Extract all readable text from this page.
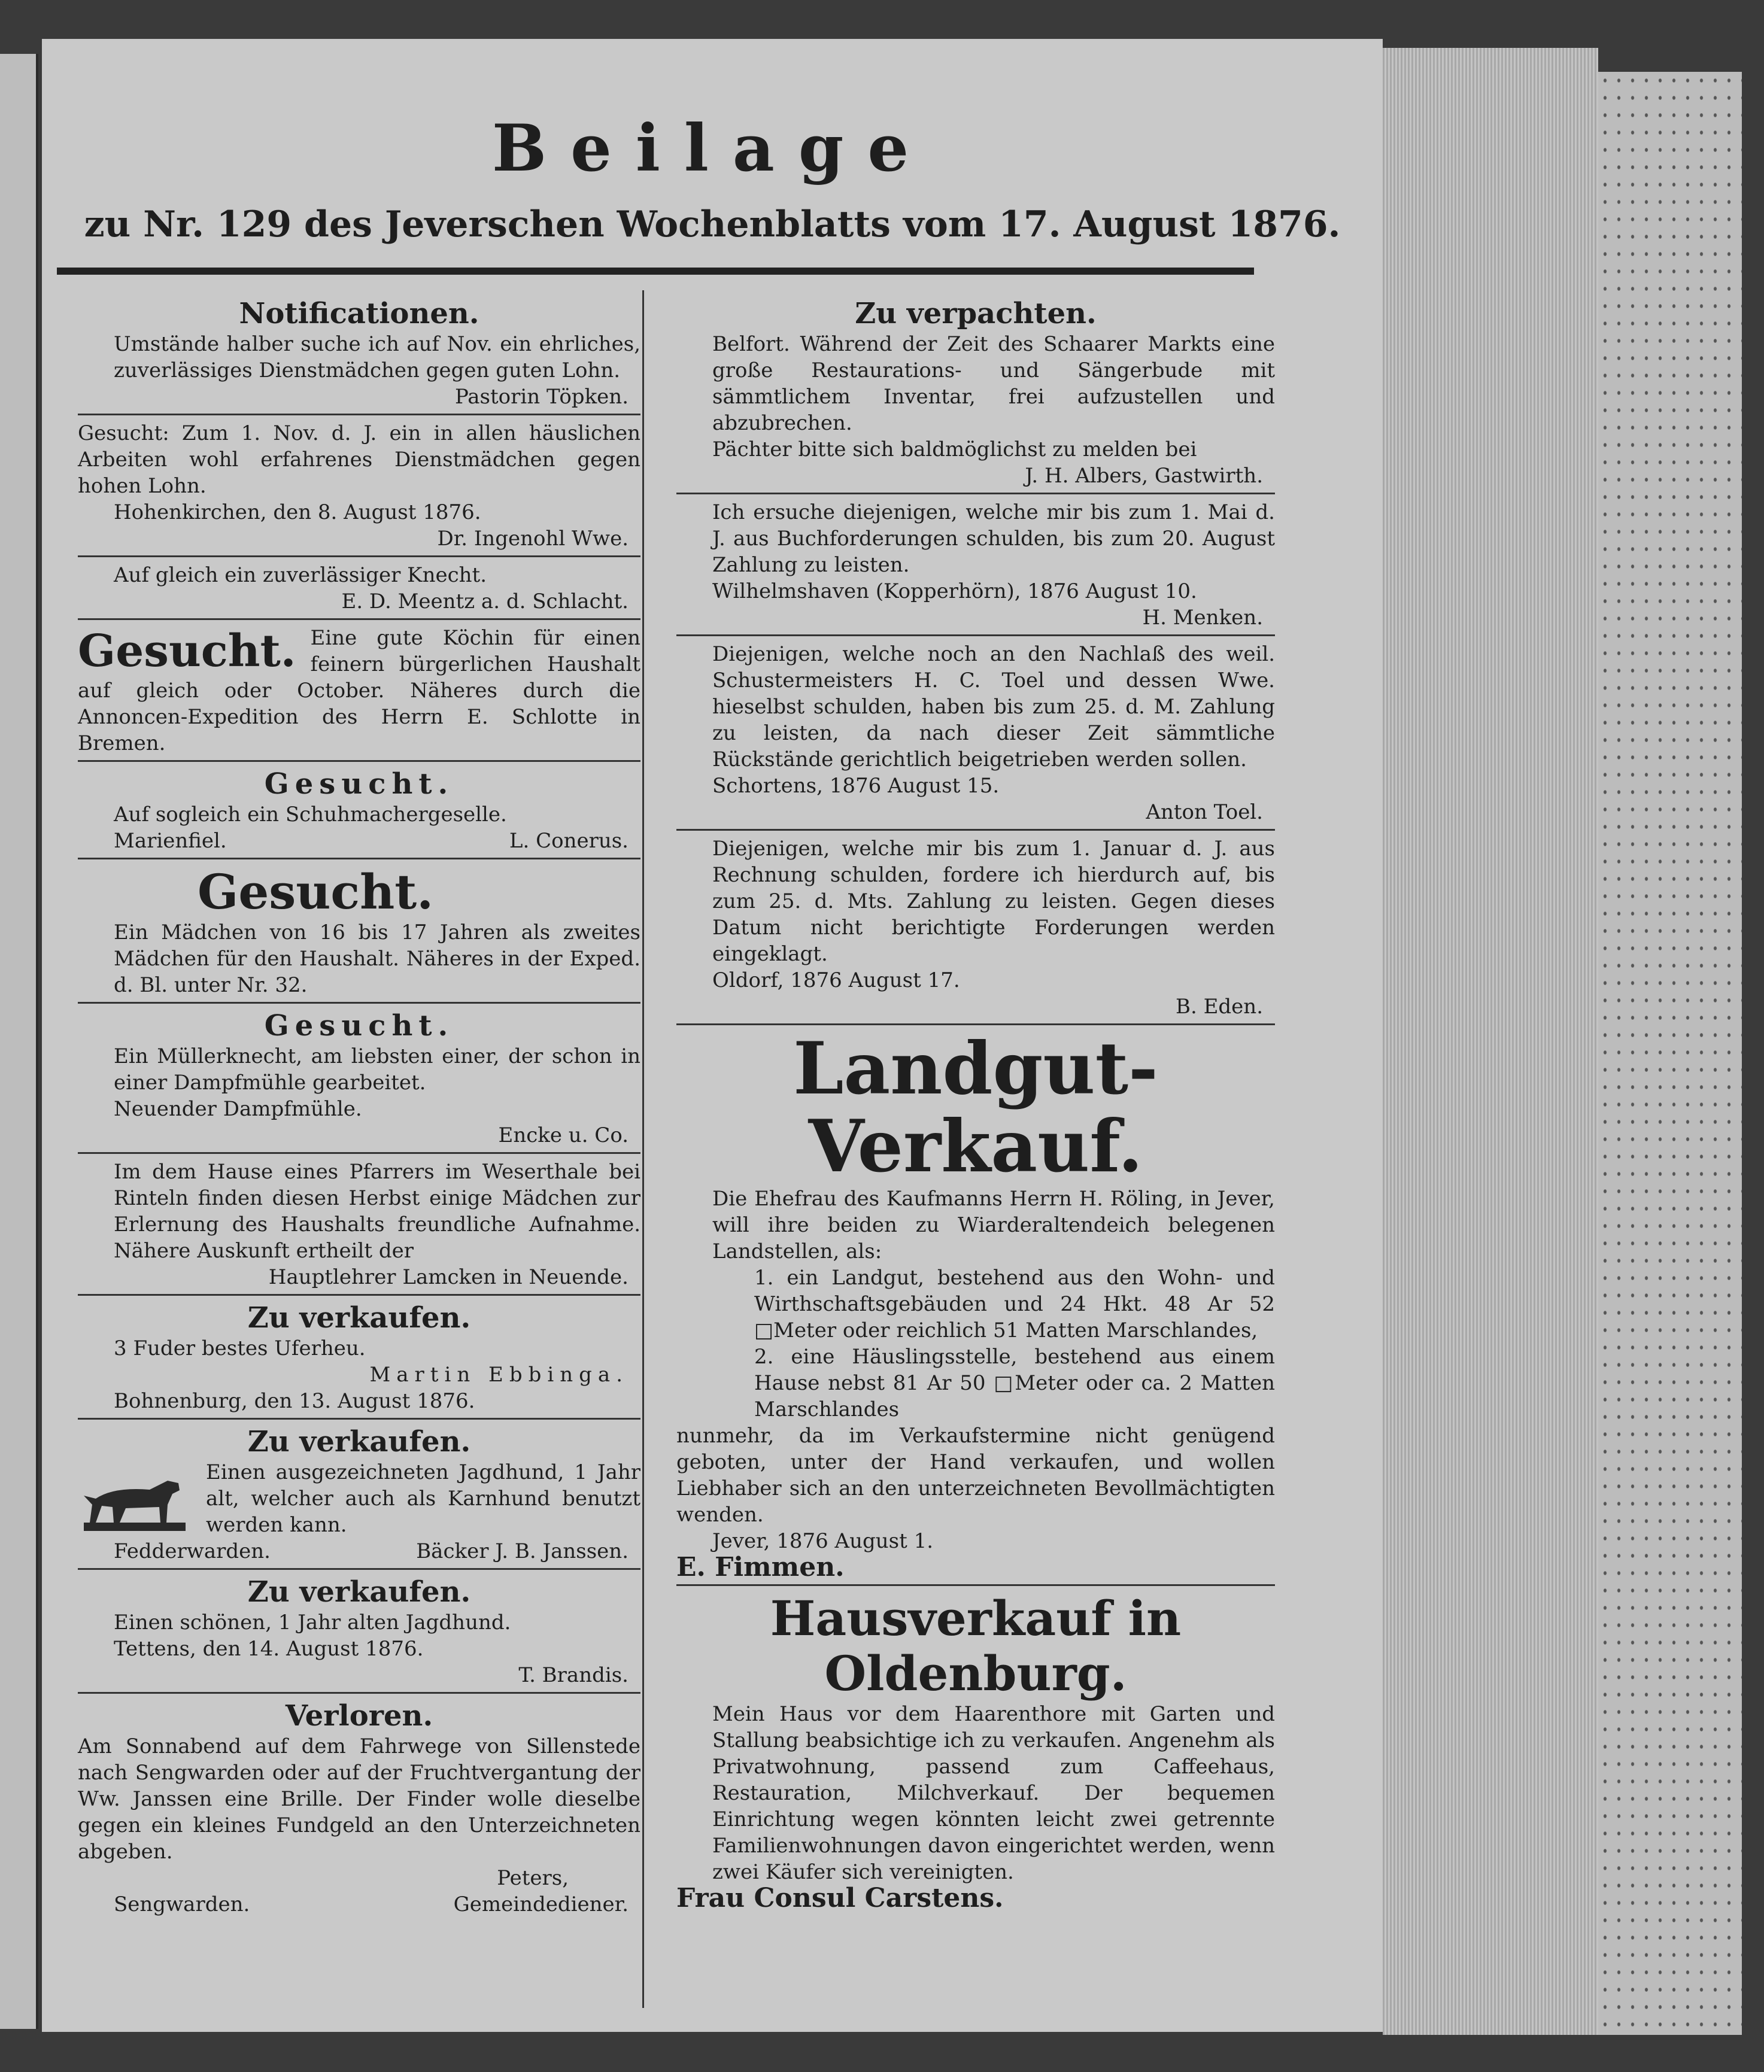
Beilage
zu Nr. 129 des Jeverschen Wochenblatts vom 17. August 1876.

Notificationen.

Umstände halber suche ich auf Nov. ein ehrliches, zuverlässiges Dienstmädchen gegen guten Lohn.

Pastorin Töpken.

Gesucht: Zum 1. Nov. d. J. ein in allen häuslichen Arbeiten wohl erfahrenes Dienstmädchen gegen hohen Lohn.

Hohenkirchen, den 8. August 1876.

Dr. Ingenohl Wwe.

Auf gleich ein zuverlässiger Knecht.

E. D. Meentz a. d. Schlacht.

Gesucht. Eine gute Köchin für einen feinern bürgerlichen Haushalt auf gleich oder October. Näheres durch die Annoncen-Expedition des Herrn E. Schlotte in Bremen.

Gesucht.

Auf sogleich ein Schuhmachergeselle.

Marienfiel.	L. Conerus.

Gesucht.

Ein Mädchen von 16 bis 17 Jahren als zweites Mädchen für den Haushalt. Näheres in der Exped. d. Bl. unter Nr. 32.

Gesucht.

Ein Müllerknecht, am liebsten einer, der schon in einer Dampfmühle gearbeitet.

Neuender Dampfmühle.

Encke u. Co.

Im dem Hause eines Pfarrers im Weserthale bei Rinteln finden diesen Herbst einige Mädchen zur Erlernung des Haushalts freundliche Aufnahme. Nähere Auskunft ertheilt der

Hauptlehrer Lamcken in Neuende.

Zu verkaufen.

3 Fuder bestes Uferheu.

Martin Ebbinga.

Bohnenburg, den 13. August 1876.

Zu verkaufen.

Einen ausgezeichneten Jagdhund, 1 Jahr alt, welcher auch als Karnhund benutzt werden kann.

Fedderwarden.	Bäcker J. B. Janssen.

Zu verkaufen.

Einen schönen, 1 Jahr alten Jagdhund.

Tettens, den 14. August 1876.

T. Brandis.

Verloren.

Am Sonnabend auf dem Fahrwege von Sillenstede nach Sengwarden oder auf der Fruchtvergantung der Ww. Janssen eine Brille. Der Finder wolle dieselbe gegen ein kleines Fundgeld an den Unterzeichneten abgeben.

Peters,

Sengwarden.	Gemeindediener.

Zu verpachten.

Belfort. Während der Zeit des Schaarer Markts eine große Restaurations- und Sängerbude mit sämmtlichem Inventar, frei aufzustellen und abzubrechen.

Pächter bitte sich baldmöglichst zu melden bei

J. H. Albers, Gastwirth.

Ich ersuche diejenigen, welche mir bis zum 1. Mai d. J. aus Buchforderungen schulden, bis zum 20. August Zahlung zu leisten.

Wilhelmshaven (Kopperhörn), 1876 August 10.

H. Menken.

Diejenigen, welche noch an den Nachlaß des weil. Schustermeisters H. C. Toel und dessen Wwe. hieselbst schulden, haben bis zum 25. d. M. Zahlung zu leisten, da nach dieser Zeit sämmtliche Rückstände gerichtlich beigetrieben werden sollen.

Schortens, 1876 August 15.

Anton Toel.

Diejenigen, welche mir bis zum 1. Januar d. J. aus Rechnung schulden, fordere ich hierdurch auf, bis zum 25. d. Mts. Zahlung zu leisten. Gegen dieses Datum nicht berichtigte Forderungen werden eingeklagt.

Oldorf, 1876 August 17.

B. Eden.

Landgut-Verkauf.

Die Ehefrau des Kaufmanns Herrn H. Röling, in Jever, will ihre beiden zu Wiarderaltendeich belegenen Landstellen, als:

1. ein Landgut, bestehend aus den Wohn- und Wirthschaftsgebäuden und 24 Hkt. 48 Ar 52 □Meter oder reichlich 51 Matten Marschlandes,

2. eine Häuslingsstelle, bestehend aus einem Hause nebst 81 Ar 50 □Meter oder ca. 2 Matten Marschlandes

nunmehr, da im Verkaufstermine nicht genügend geboten, unter der Hand verkaufen, und wollen Liebhaber sich an den unterzeichneten Bevollmächtigten wenden.

Jever, 1876 August 1.

E. Fimmen.

Hausverkauf in Oldenburg.

Mein Haus vor dem Haarenthore mit Garten und Stallung beabsichtige ich zu verkaufen. Angenehm als Privatwohnung, passend zum Caffeehaus, Restauration, Milchverkauf. Der bequemen Einrichtung wegen könnten leicht zwei getrennte Familienwohnungen davon eingerichtet werden, wenn zwei Käufer sich vereinigten.

Frau Consul Carstens.
